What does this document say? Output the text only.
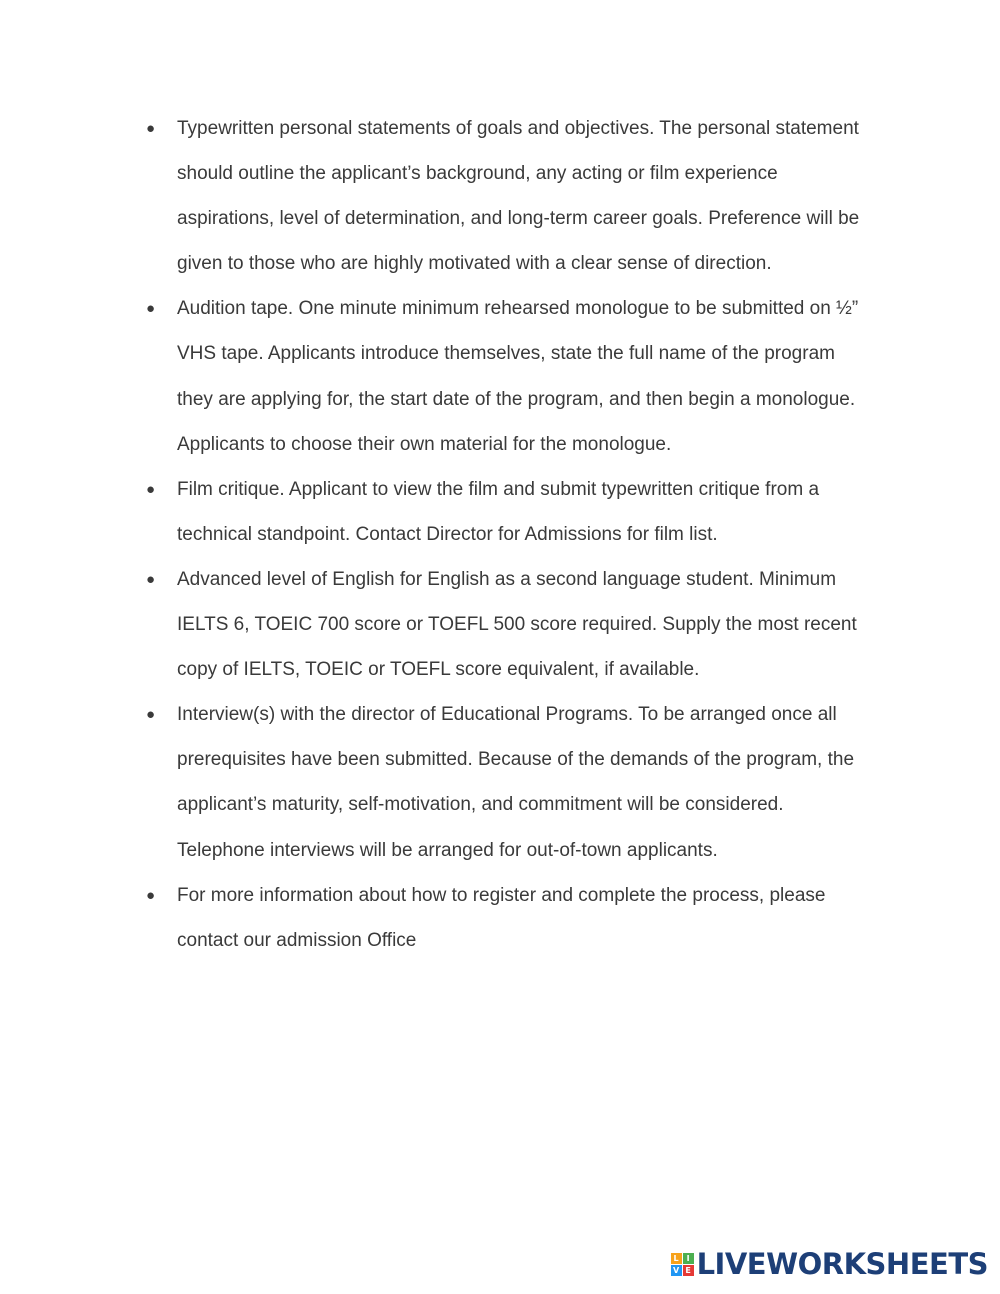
● Typewritten personal statements of goals and objectives. The personal statement
should outline the applicant’s background, any acting or film experience
aspirations, level of determination, and long-term career goals. Preference will be
given to those who are highly motivated with a clear sense of direction.
● Audition tape. One minute minimum rehearsed monologue to be submitted on ½”
VHS tape. Applicants introduce themselves, state the full name of the program
they are applying for, the start date of the program, and then begin a monologue.
Applicants to choose their own material for the monologue.
● Film critique. Applicant to view the film and submit typewritten critique from a
technical standpoint. Contact Director for Admissions for film list.
● Advanced level of English for English as a second language student. Minimum
IELTS 6, TOEIC 700 score or TOEFL 500 score required. Supply the most recent
copy of IELTS, TOEIC or TOEFL score equivalent, if available.
● Interview(s) with the director of Educational Programs. To be arranged once all
prerequisites have been submitted. Because of the demands of the program, the
applicant’s maturity, self-motivation, and commitment will be considered.
Telephone interviews will be arranged for out-of-town applicants.
● For more information about how to register and complete the process, please
contact our admission Office
L I
V E LIVEWORKSHEETS
